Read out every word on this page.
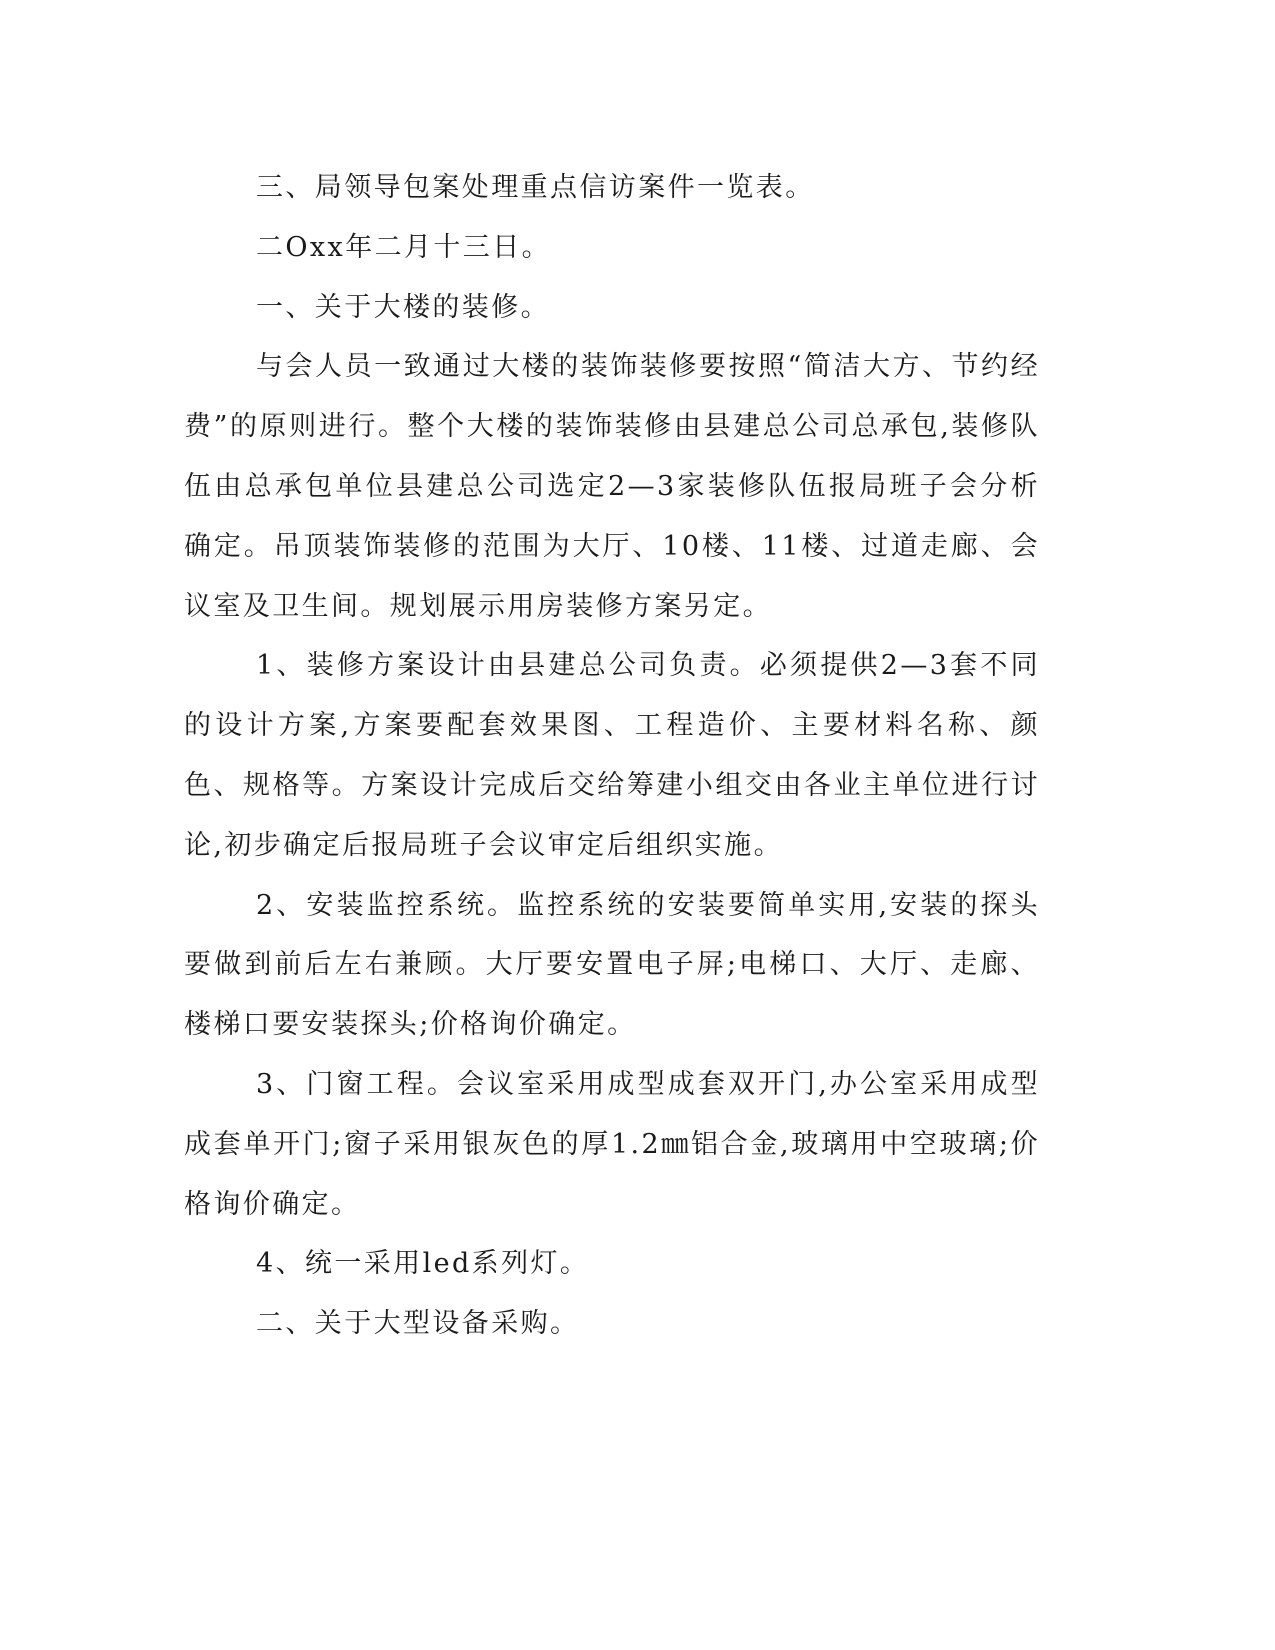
三、局领导包案处理重点信访案件一览表。

二Oxx年二月十三日。

一、关于大楼的装修。

与会人员一致通过大楼的装饰装修要按照“简洁大方、节约经费”的原则进行。整个大楼的装饰装修由县建总公司总承包,装修队伍由总承包单位县建总公司选定2—3家装修队伍报局班子会分析确定。吊顶装饰装修的范围为大厅、10楼、11楼、过道走廊、会议室及卫生间。规划展示用房装修方案另定。

1、装修方案设计由县建总公司负责。必须提供2—3套不同的设计方案,方案要配套效果图、工程造价、主要材料名称、颜色、规格等。方案设计完成后交给筹建小组交由各业主单位进行讨论,初步确定后报局班子会议审定后组织实施。

2、安装监控系统。监控系统的安装要简单实用,安装的探头要做到前后左右兼顾。大厅要安置电子屏;电梯口、大厅、走廊、楼梯口要安装探头;价格询价确定。

3、门窗工程。会议室采用成型成套双开门,办公室采用成型成套单开门;窗子采用银灰色的厚1.2㎜铝合金,玻璃用中空玻璃;价格询价确定。

4、统一采用led系列灯。

二、关于大型设备采购。
